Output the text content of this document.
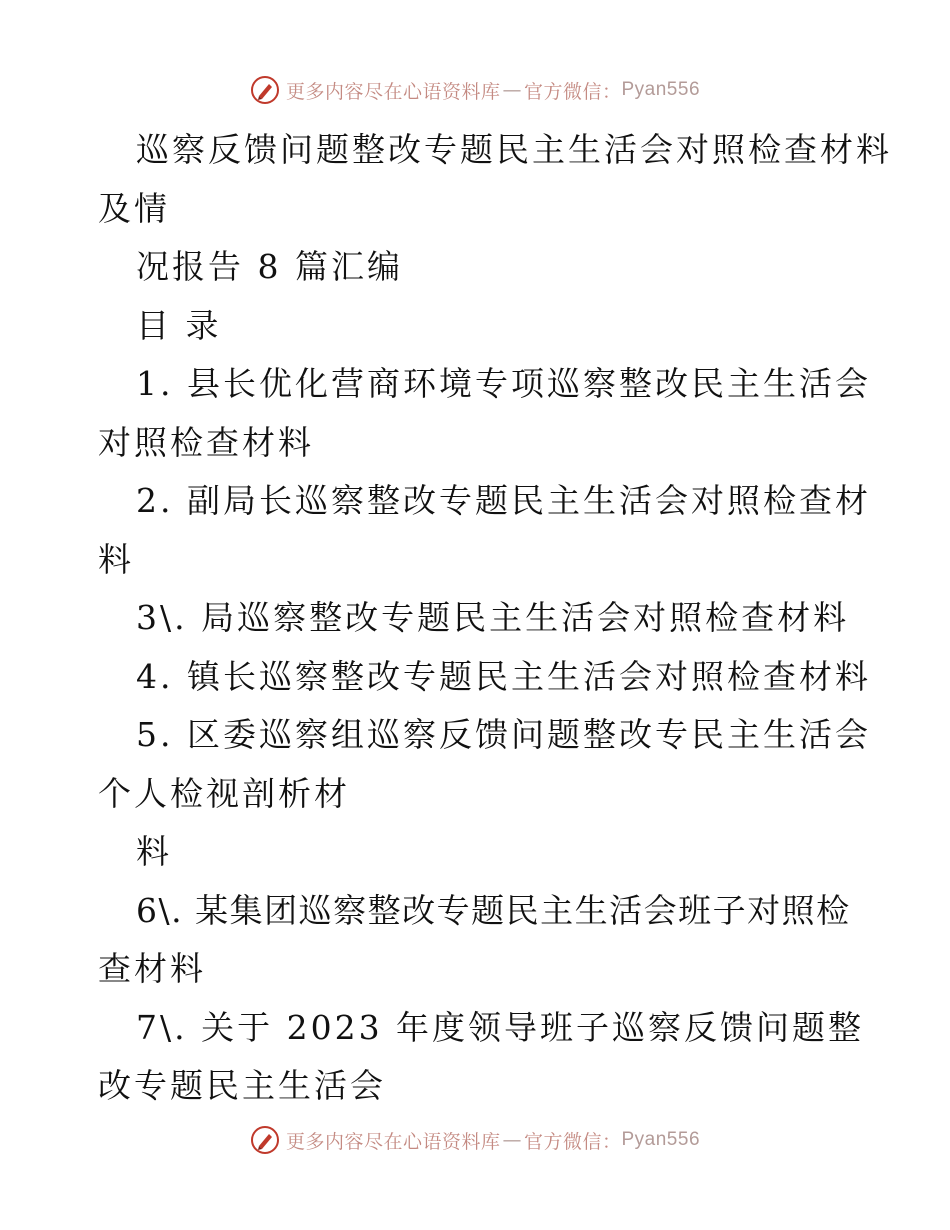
更多内容尽在心语资料库 — 官方微信： Pyan556
巡察反馈问题整改专题民主生活会对照检查材料
及情
况报告 8 篇汇编
目 录
1. 县长优化营商环境专项巡察整改民主生活会
对照检查材料
2. 副局长巡察整改专题民主生活会对照检查材
料
3\. 局巡察整改专题民主生活会对照检查材料
4. 镇长巡察整改专题民主生活会对照检查材料
5. 区委巡察组巡察反馈问题整改专民主生活会
个人检视剖析材
料
6\. 某集团巡察整改专题民主生活会班子对照检
查材料
7\. 关于 2023 年度领导班子巡察反馈问题整
改专题民主生活会
更多内容尽在心语资料库 — 官方微信： Pyan556
